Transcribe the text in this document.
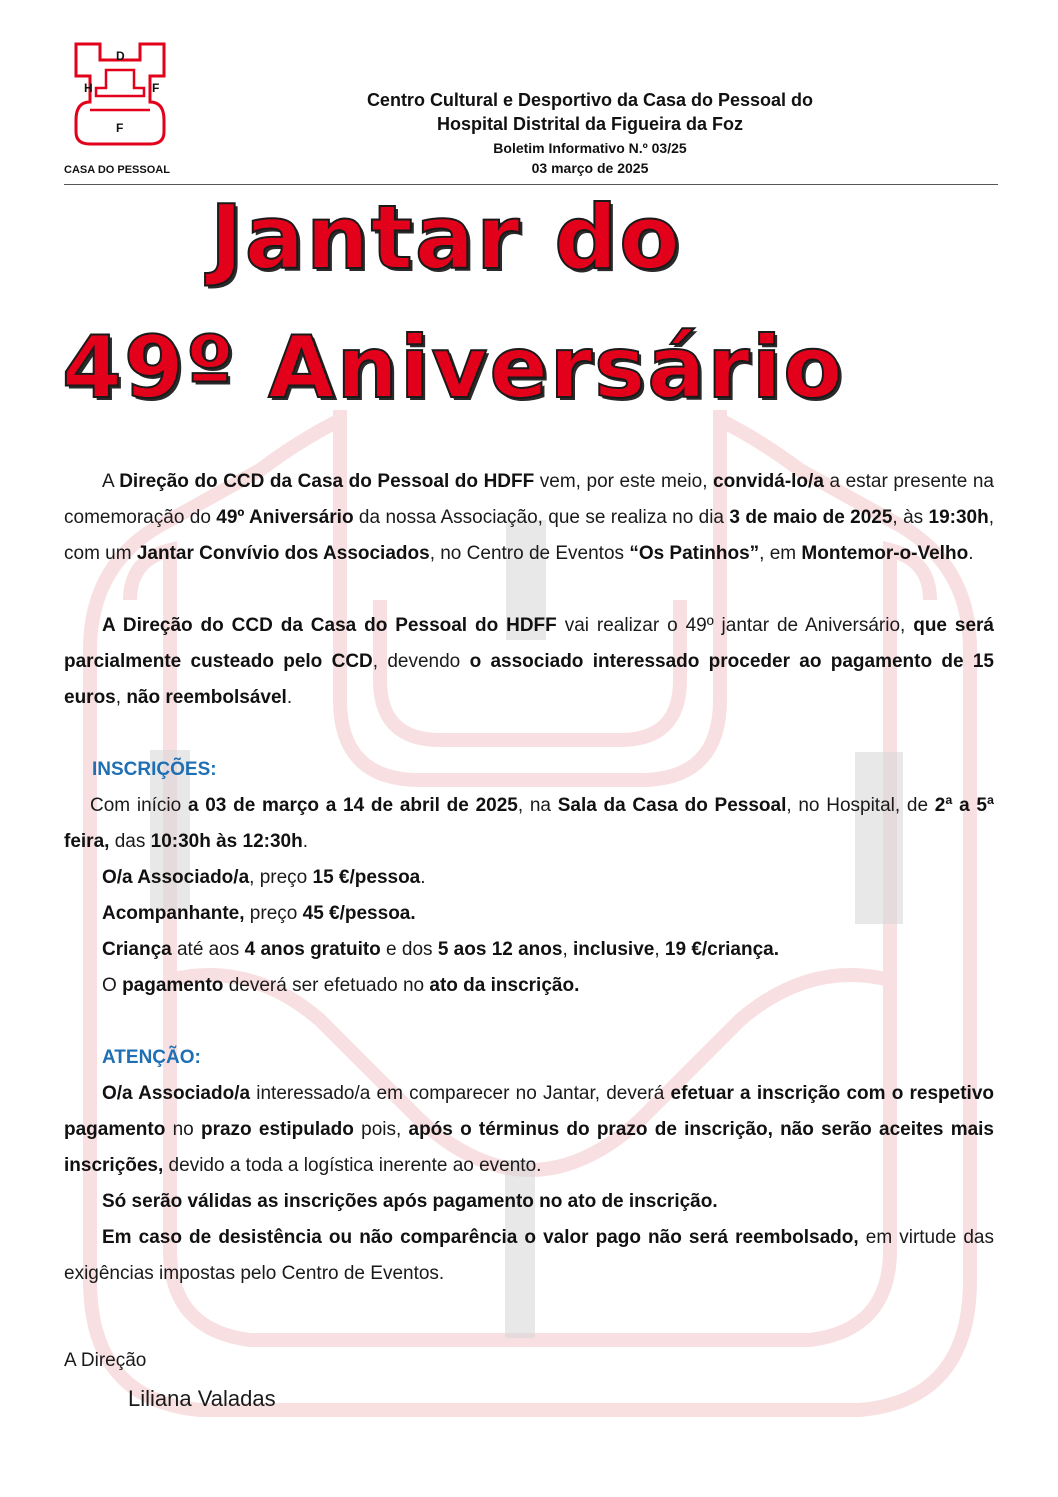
H
D
F
F
CASA DO PESSOAL
Centro Cultural e Desportivo da Casa do Pessoal do
Hospital Distrital da Figueira da Foz
Boletim Informativo N.º 03/25
03 março de 2025
Jantar do
49º Aniversário

A Direção do CCD da Casa do Pessoal do HDFF vem, por este meio, convidá-lo/a a estar presente na comemoração do 49º Aniversário da nossa Associação, que se realiza no dia 3 de maio de 2025, às 19:30h, com um Jantar Convívio dos Associados, no Centro de Eventos “Os Patinhos”, em Montemor-o-Velho.

A Direção do CCD da Casa do Pessoal do HDFF vai realizar o 49º jantar de Aniversário, que será parcialmente custeado pelo CCD, devendo o associado interessado proceder ao pagamento de 15 euros, não reembolsável.

INSCRIÇÕES:

Com início a 03 de março a 14 de abril de 2025, na Sala da Casa do Pessoal, no Hospital, de 2ª a 5ª feira, das 10:30h às 12:30h.

O/a Associado/a, preço 15 €/pessoa.

Acompanhante, preço 45 €/pessoa.

Criança até aos 4 anos gratuito e dos 5 aos 12 anos, inclusive, 19 €/criança.

O pagamento deverá ser efetuado no ato da inscrição.

ATENÇÃO:

O/a Associado/a interessado/a em comparecer no Jantar, deverá efetuar a inscrição com o respetivo pagamento no prazo estipulado pois, após o términus do prazo de inscrição, não serão aceites mais inscrições, devido a toda a logística inerente ao evento.

Só serão válidas as inscrições após pagamento no ato de inscrição.

Em caso de desistência ou não comparência o valor pago não será reembolsado, em virtude das exigências impostas pelo Centro de Eventos.

A Direção
Liliana Valadas
